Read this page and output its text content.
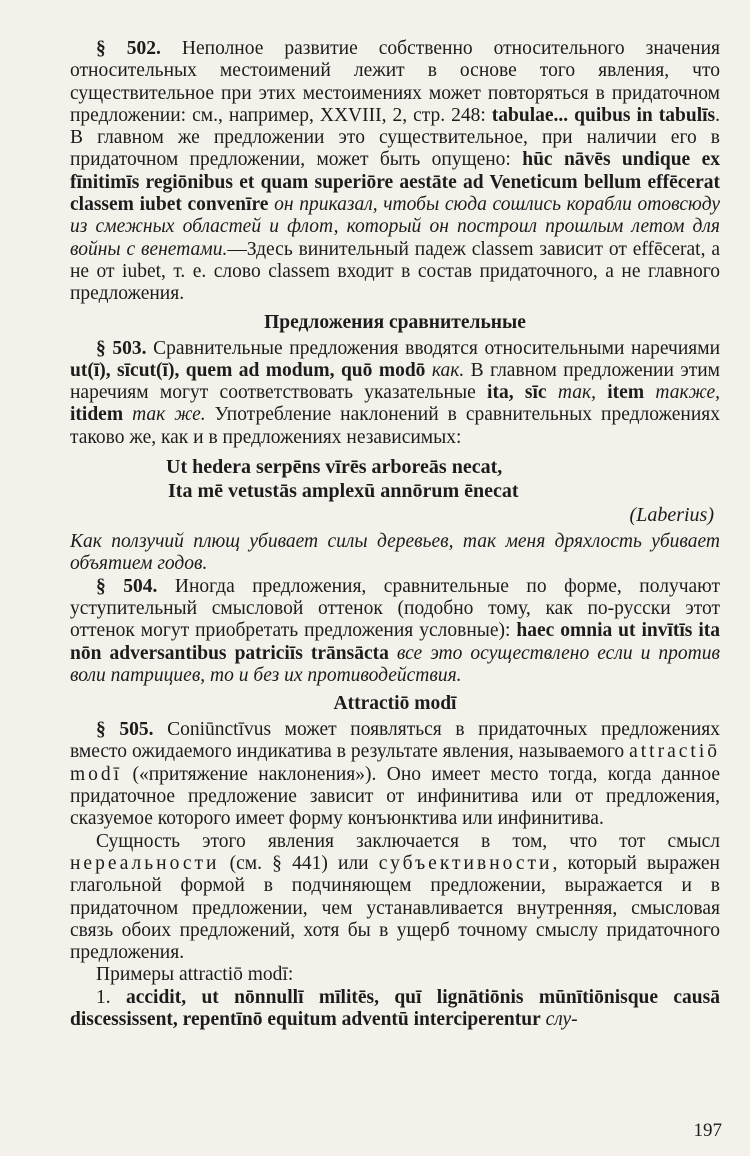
§ 502. Неполное развитие собственно относительного значения относительных местоимений лежит в основе того явления, что существительное при этих местоимениях может повторяться в придаточном предложении: см., например, XXVIII, 2, стр. 248: tabulae... quibus in tabulīs. В главном же предложении это существительное, при наличии его в придаточном предложении, может быть опущено: hūc nāvēs undique ex fīnitimīs regiōnibus et quam superiōre aestāte ad Veneticum bellum effēcerat classem iubet convenīre он приказал, чтобы сюда сошлись корабли отовсюду из смежных областей и флот, который он построил прошлым летом для войны с венетами.—Здесь винительный падеж classem зависит от effēcerat, а не от iubet, т. е. слово classem входит в состав придаточного, а не главного предложения.

Предложения сравнительные

§ 503. Сравнительные предложения вводятся относительными наречиями ut(ī), sīcut(ī), quem ad modum, quō modō как. В главном предложении этим наречиям могут соответствовать указательные ita, sīc так, item также, itidem так же. Употребление наклонений в сравнительных предложениях таково же, как и в предложениях независимых:

Ut hedera serpēns vīrēs arboreās necat,
Ita mē vetustās amplexū annōrum ēnecat
(Laberius)

Как ползучий плющ убивает силы деревьев, так меня дряхлость убивает объятием годов.

§ 504. Иногда предложения, сравнительные по форме, получают уступительный смысловой оттенок (подобно тому, как по-русски этот оттенок могут приобретать предложения условные): haec omnia ut invītīs ita nōn adversantibus patriciīs trānsācta все это осуществлено если и против воли патрициев, то и без их противодействия.

Attractiō modī

§ 505. Coniūnctīvus может появляться в придаточных предложениях вместо ожидаемого индикатива в результате явления, называемого attractiō modī («притяжение наклонения»). Оно имеет место тогда, когда данное придаточное предложение зависит от инфинитива или от предложения, сказуемое которого имеет форму конъюнктива или инфинитива.

Сущность этого явления заключается в том, что тот смысл нереальности (см. § 441) или субъективности, который выражен глагольной формой в подчиняющем предложении, выражается и в придаточном предложении, чем устанавливается внутренняя, смысловая связь обоих предложений, хотя бы в ущерб точному смыслу придаточного предложения.

Примеры attractiō modī:

1. accidit, ut nōnnullī mīlitēs, quī lignātiōnis mūnītiōnisque causā discessissent, repentīnō equitum adventū interciperentur слу-

197
